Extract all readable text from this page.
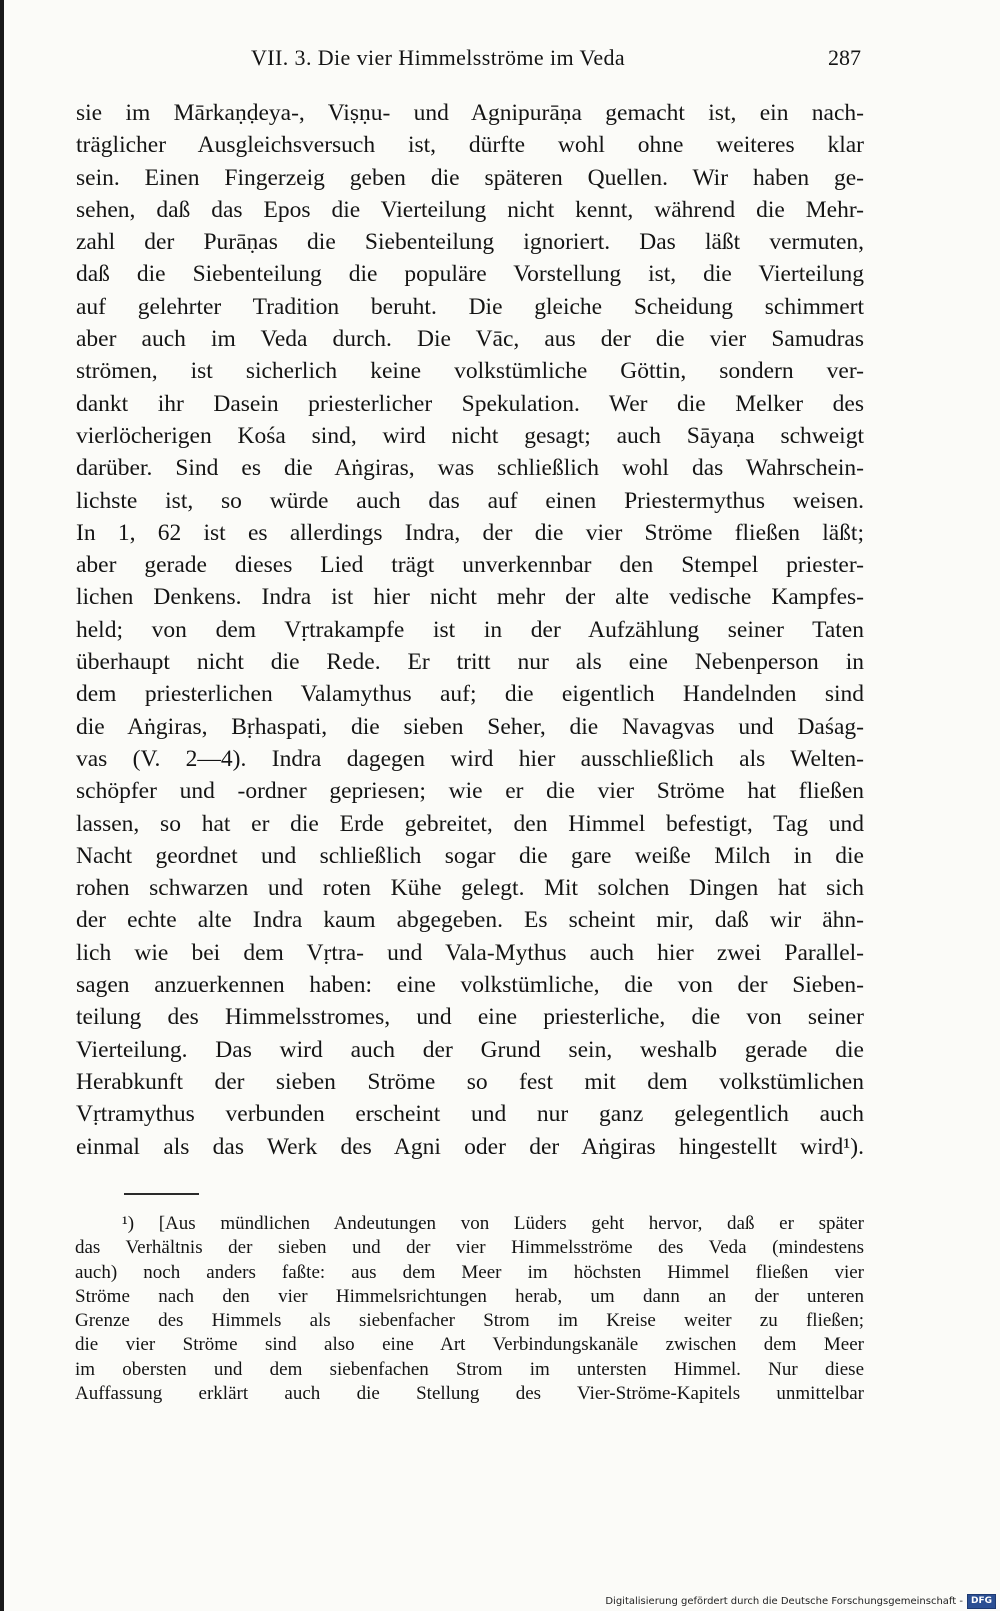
VII. 3. Die vier Himmelsströme im Veda	287
sie im Mārkaṇḍeya-, Viṣṇu- und Agnipurāṇa gemacht ist, ein nach-
träglicher Ausgleichsversuch ist, dürfte wohl ohne weiteres klar
sein. Einen Fingerzeig geben die späteren Quellen. Wir haben ge-
sehen, daß das Epos die Vierteilung nicht kennt, während die Mehr-
zahl der Purāṇas die Siebenteilung ignoriert. Das läßt vermuten,
daß die Siebenteilung die populäre Vorstellung ist, die Vierteilung
auf gelehrter Tradition beruht. Die gleiche Scheidung schimmert
aber auch im Veda durch. Die Vāc, aus der die vier Samudras
strömen, ist sicherlich keine volkstümliche Göttin, sondern ver-
dankt ihr Dasein priesterlicher Spekulation. Wer die Melker des
vierlöcherigen Kośa sind, wird nicht gesagt; auch Sāyaṇa schweigt
darüber. Sind es die Aṅgiras, was schließlich wohl das Wahrschein-
lichste ist, so würde auch das auf einen Priestermythus weisen.
In 1, 62 ist es allerdings Indra, der die vier Ströme fließen läßt;
aber gerade dieses Lied trägt unverkennbar den Stempel priester-
lichen Denkens. Indra ist hier nicht mehr der alte vedische Kampfes-
held; von dem Vṛtrakampfe ist in der Aufzählung seiner Taten
überhaupt nicht die Rede. Er tritt nur als eine Nebenperson in
dem priesterlichen Valamythus auf; die eigentlich Handelnden sind
die Aṅgiras, Bṛhaspati, die sieben Seher, die Navagvas und Daśag-
vas (V. 2—4). Indra dagegen wird hier ausschließlich als Welten-
schöpfer und -ordner gepriesen; wie er die vier Ströme hat fließen
lassen, so hat er die Erde gebreitet, den Himmel befestigt, Tag und
Nacht geordnet und schließlich sogar die gare weiße Milch in die
rohen schwarzen und roten Kühe gelegt. Mit solchen Dingen hat sich
der echte alte Indra kaum abgegeben. Es scheint mir, daß wir ähn-
lich wie bei dem Vṛtra- und Vala-Mythus auch hier zwei Parallel-
sagen anzuerkennen haben: eine volkstümliche, die von der Sieben-
teilung des Himmelsstromes, und eine priesterliche, die von seiner
Vierteilung. Das wird auch der Grund sein, weshalb gerade die
Herabkunft der sieben Ströme so fest mit dem volkstümlichen
Vṛtramythus verbunden erscheint und nur ganz gelegentlich auch
einmal als das Werk des Agni oder der Aṅgiras hingestellt wird¹).
¹) [Aus mündlichen Andeutungen von Lüders geht hervor, daß er später
das Verhältnis der sieben und der vier Himmelsströme des Veda (mindestens
auch) noch anders faßte: aus dem Meer im höchsten Himmel fließen vier
Ströme nach den vier Himmelsrichtungen herab, um dann an der unteren
Grenze des Himmels als siebenfacher Strom im Kreise weiter zu fließen;
die vier Ströme sind also eine Art Verbindungskanäle zwischen dem Meer
im obersten und dem siebenfachen Strom im untersten Himmel. Nur diese
Auffassung erklärt auch die Stellung des Vier-Ströme-Kapitels unmittelbar
Digitalisierung gefördert durch die Deutsche Forschungsgemeinschaft - DFG
